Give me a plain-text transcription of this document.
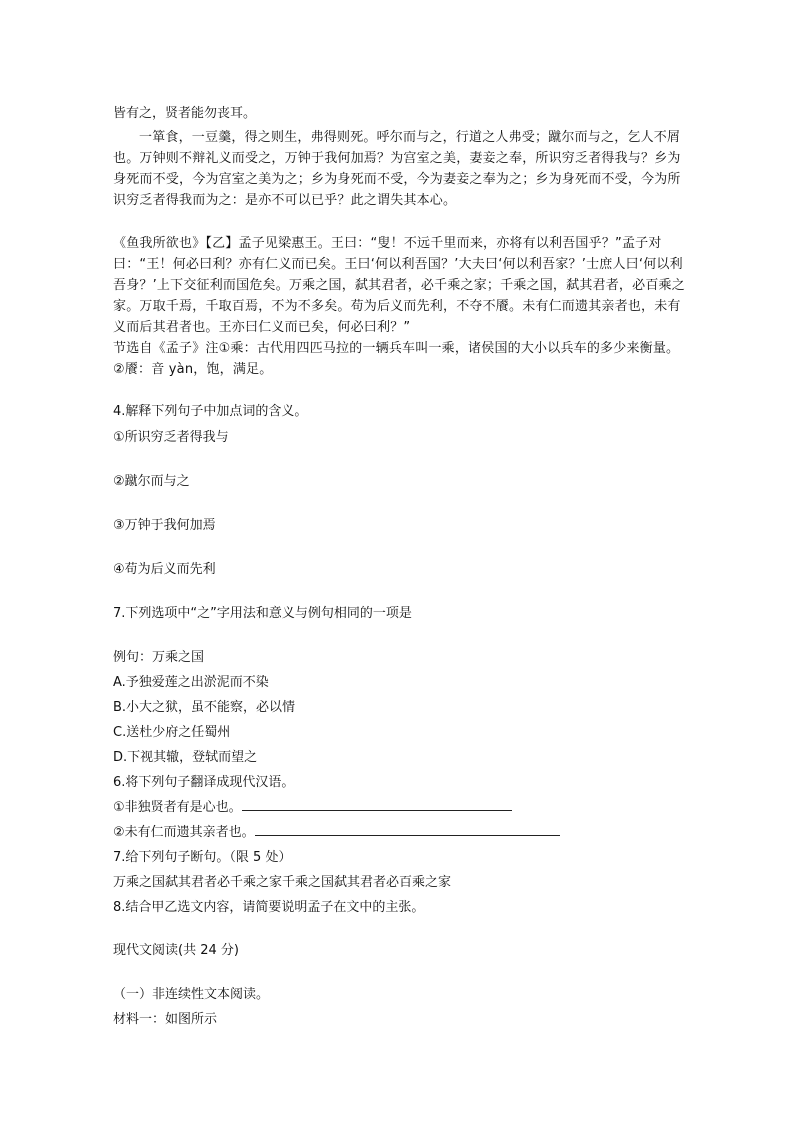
皆有之，贤者能勿丧耳。

一箪食，一豆羹，得之则生，弗得则死。呼尔而与之，行道之人弗受；蹴尔而与之，乞人不屑也。万钟则不辩礼义而受之，万钟于我何加焉？为宫室之美，妻妾之奉，所识穷乏者得我与？乡为身死而不受，今为宫室之美为之；乡为身死而不受，今为妻妾之奉为之；乡为身死而不受，今为所识穷乏者得我而为之：是亦不可以已乎？此之谓失其本心。

《鱼我所欲也》【乙】孟子见梁惠王。王曰：“叟！不远千里而来，亦将有以利吾国乎？”孟子对曰：“王！何必曰利？亦有仁义而已矣。王曰‘何以利吾国？’大夫曰‘何以利吾家？’士庶人曰‘何以利吾身？’上下交征利而国危矣。万乘之国，弑其君者，必千乘之家；千乘之国，弑其君者，必百乘之家。万取千焉，千取百焉，不为不多矣。苟为后义而先利，不夺不餍。未有仁而遗其亲者也，未有义而后其君者也。王亦曰仁义而已矣，何必曰利？”

节选自《孟子》注①乘：古代用四匹马拉的一辆兵车叫一乘，诸侯国的大小以兵车的多少来衡量。②餍：音 yàn，饱，满足。

4.解释下列句子中加点词的含义。
①所识穷乏者得我与
②蹴尔而与之
③万钟于我何加焉
④苟为后义而先利
7.下列选项中“之”字用法和意义与例句相同的一项是
例句：万乘之国
A.予独爱莲之出淤泥而不染
B.小大之狱，虽不能察，必以情
C.送杜少府之任蜀州
D.下视其辙，登轼而望之
6.将下列句子翻译成现代汉语。
①非独贤者有是心也。
②未有仁而遗其亲者也。
7.给下列句子断句。（限 5 处）
万乘之国弑其君者必千乘之家千乘之国弑其君者必百乘之家
8.结合甲乙选文内容，请简要说明孟子在文中的主张。
现代文阅读(共 24 分)
（一）非连续性文本阅读。
材料一：如图所示
